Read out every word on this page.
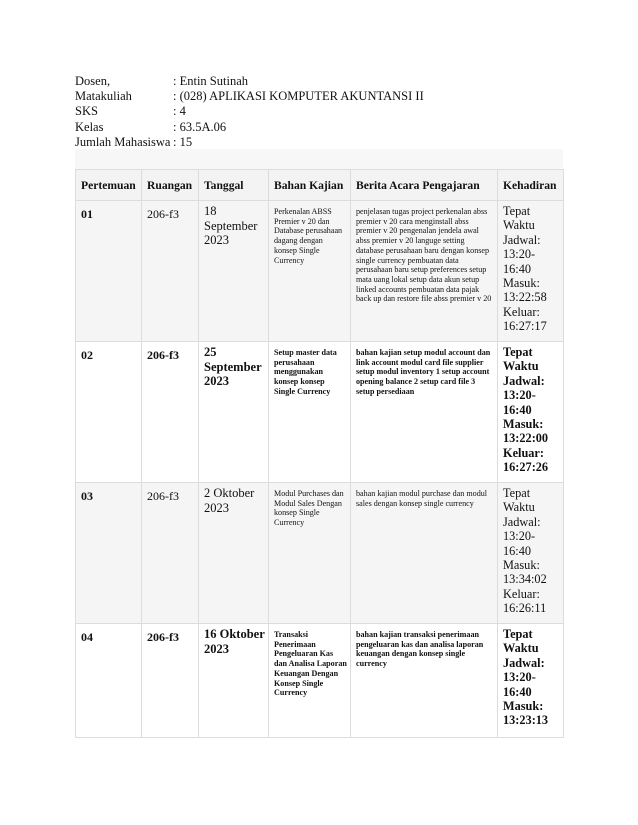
Dosen,	: Entin Sutinah
Matakuliah	: (028) APLIKASI KOMPUTER AKUNTANSI II
SKS	: 4
Kelas	: 63.5A.06
Jumlah Mahasiswa : 15
Pertemuan	Ruangan	Tanggal	Bahan Kajian	Berita Acara Pengajaran	Kehadiran
01	206-f3	18 September 2023	Perkenalan ABSS Premier v 20 dan Database perusahaan dagang dengan konsep Single Currency	penjelasan tugas project perkenalan abss premier v 20 cara menginstall abss premier v 20 pengenalan jendela awal abss premier v 20 languge setting database perusahaan baru dengan konsep single currency pembuatan data perusahaan baru setup preferences setup mata uang lokal setup data akun setup linked accounts pembuatan data pajak back up dan restore file abss premier v 20	Tepat Waktu Jadwal: 13:20-16:40 Masuk: 13:22:58 Keluar: 16:27:17
02	206-f3	25 September 2023	Setup master data perusahaan menggunakan konsep konsep Single Currency	bahan kajian setup modul account dan link account modul card file supplier setup modul inventory 1 setup account opening balance 2 setup card file 3 setup persediaan	Tepat Waktu Jadwal: 13:20-16:40 Masuk: 13:22:00 Keluar: 16:27:26
03	206-f3	2 Oktober 2023	Modul Purchases dan Modul Sales Dengan konsep Single Currency	bahan kajian modul purchase dan modul sales dengan konsep single currency	Tepat Waktu Jadwal: 13:20-16:40 Masuk: 13:34:02 Keluar: 16:26:11
04	206-f3	16 Oktober 2023	Transaksi Penerimaan Pengeluaran Kas dan Analisa Laporan Keuangan Dengan Konsep Single Currency	bahan kajian transaksi penerimaan pengeluaran kas dan analisa laporan keuangan dengan konsep single currency	Tepat Waktu Jadwal: 13:20-16:40 Masuk: 13:23:13
